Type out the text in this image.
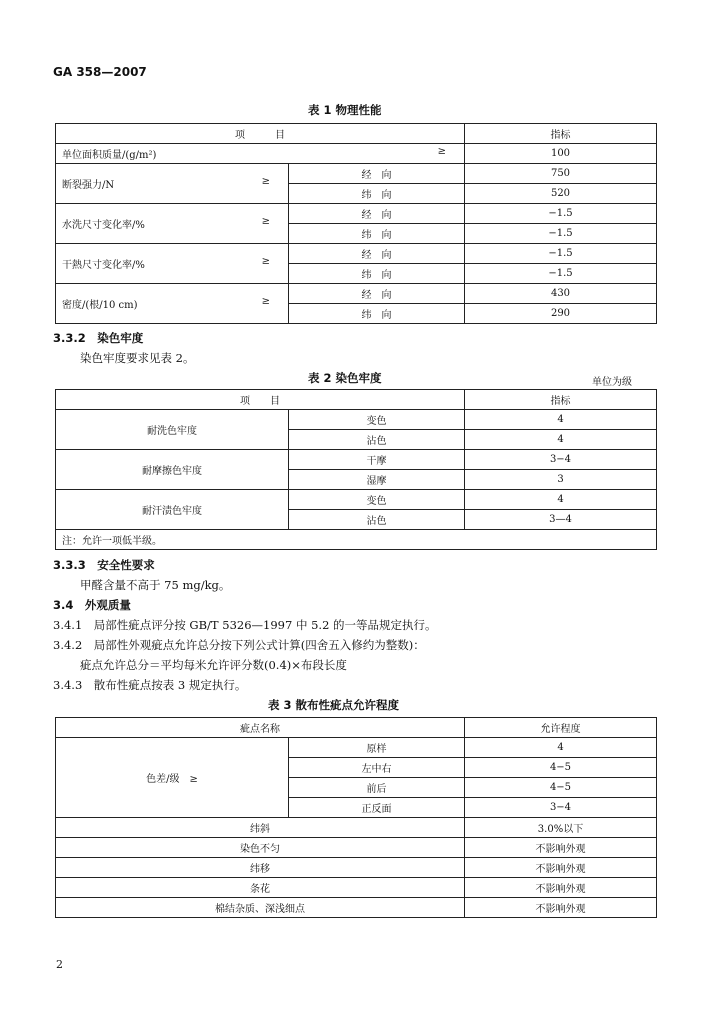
GA 358—2007
表 1 物理性能
项　　　目		指标
单位面积质量/(g/m²) ≥		100
断裂强力/N ≥	经　向	750
	纬　向	520
水洗尺寸变化率/% ≥	经　向	−1.5
	纬　向	−1.5
干熱尺寸变化率/% ≥	经　向	−1.5
	纬　向	−1.5
密度/(根/10 cm) ≥	经　向	430
	纬　向	290
3.3.2　染色牢度
染色牢度要求见表 2。
表 2 染色牢度	单位为级
项　　目		指标
耐洗色牢度	变色	4
	沾色	4
耐摩擦色牢度	干摩	3−4
	湿摩	3
耐汗渍色牢度	变色	4
	沾色	3—4
注：允许一项低半级。		
3.3.3　安全性要求
甲醛含量不高于 75 mg/kg。
3.4　外观质量
3.4.1　局部性疵点评分按 GB/T 5326—1997 中 5.2 的一等品规定执行。
3.4.2　局部性外观疵点允许总分按下列公式计算(四舍五入修约为整数)：
疵点允许总分＝平均每米允许评分数(0.4)×布段长度
3.4.3　散布性疵点按表 3 规定执行。
表 3 散布性疵点允许程度
疵点名称		允许程度
色差/级　≥	原样	4
	左中右	4−5
	前后	4−5
	正反面	3−4
纬斜		3.0%以下
染色不匀		不影响外观
纬移		不影响外观
条花		不影响外观
棉结杂质、深浅细点		不影响外观
2
